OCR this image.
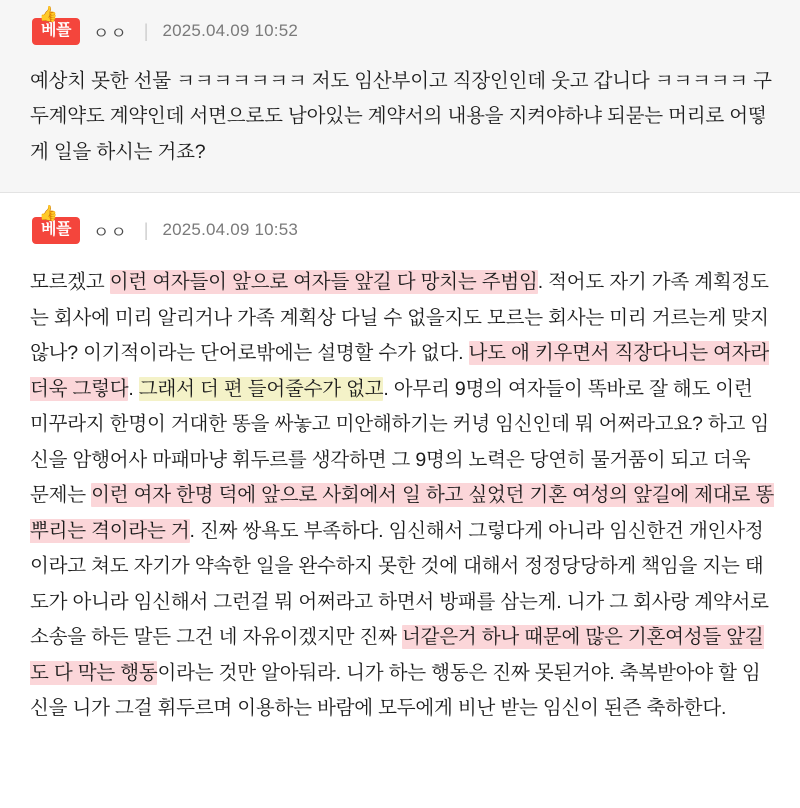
👍
베플 ㅇㅇ | 2025.04.09 10:52
예상치 못한 선물 ㅋㅋㅋㅋㅋㅋㅋ 저도 임산부이고 직장인인데 웃고 갑니다 ㅋㅋㅋㅋㅋ 구두계약도 계약인데 서면으로도 남아있는 계약서의 내용을 지켜야하냐 되묻는 머리로 어떻게 일을 하시는 거죠?
👍
베플 ㅇㅇ | 2025.04.09 10:53
모르겠고 이런 여자들이 앞으로 여자들 앞길 다 망치는 주범임. 적어도 자기 가족 계획정도는 회사에 미리 알리거나 가족 계획상 다닐 수 없을지도 모르는 회사는 미리 거르는게 맞지 않나? 이기적이라는 단어로밖에는 설명할 수가 없다. 나도 애 키우면서 직장다니는 여자라 더욱 그렇다. 그래서 더 편 들어줄수가 없고. 아무리 9명의 여자들이 똑바로 잘 해도 이런 미꾸라지 한명이 거대한 똥을 싸놓고 미안해하기는 커녕 임신인데 뭐 어쩌라고요? 하고 임신을 암행어사 마패마냥 휘두르를 생각하면 그 9명의 노력은 당연히 물거품이 되고 더욱 문제는 이런 여자 한명 덕에 앞으로 사회에서 일 하고 싶었던 기혼 여성의 앞길에 제대로 똥뿌리는 격이라는 거. 진짜 쌍욕도 부족하다. 임신해서 그렇다게 아니라 임신한건 개인사정이라고 쳐도 자기가 약속한 일을 완수하지 못한 것에 대해서 정정당당하게 책임을 지는 태도가 아니라 임신해서 그런걸 뭐 어쩌라고 하면서 방패를 삼는게. 니가 그 회사랑 계약서로 소송을 하든 말든 그건 네 자유이겠지만 진짜 너같은거 하나 때문에 많은 기혼여성들 앞길도 다 막는 행동이라는 것만 알아둬라. 니가 하는 행동은 진짜 못된거야. 축복받아야 할 임신을 니가 그걸 휘두르며 이용하는 바람에 모두에게 비난 받는 임신이 된즌 축하한다.
